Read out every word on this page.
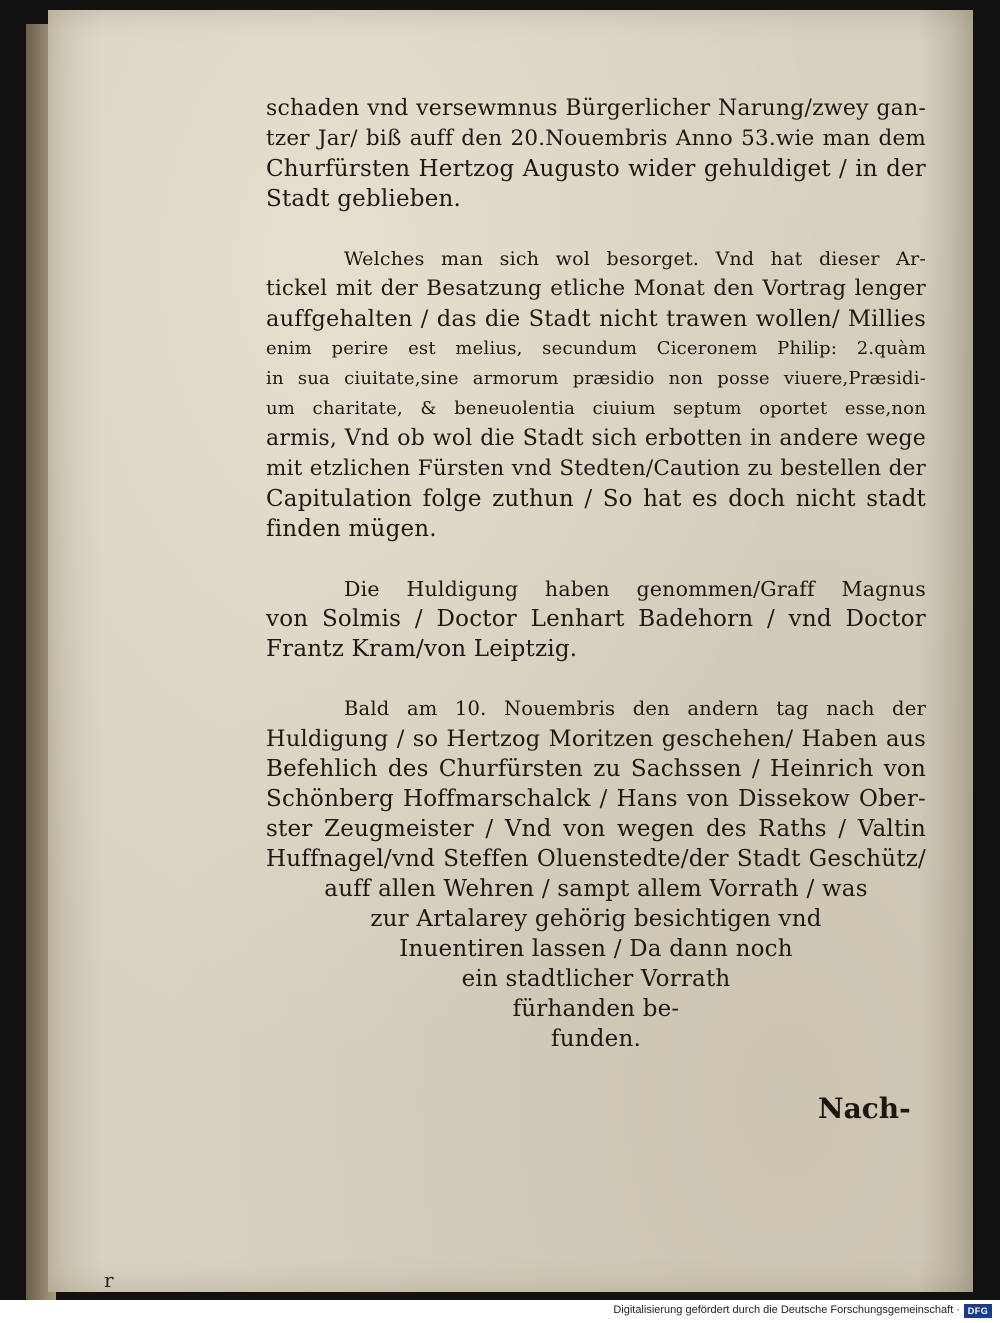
schaden vnd versewmnus Bürgerlicher Narung/zwey gan-
tzer Jar/ biß auff den 20.Nouembris Anno 53.wie man dem
Churfürsten Hertzog Augusto wider gehuldiget / in der
Stadt geblieben.
Welches man sich wol besorget. Vnd hat dieser Ar-
tickel mit der Besatzung etliche Monat den Vortrag lenger
auffgehalten / das die Stadt nicht trawen wollen/ Millies
enim perire est melius, secundum Ciceronem Philip: 2.quàm
in sua ciuitate,sine armorum præsidio non posse viuere,Præsidi-
um charitate, & beneuolentia ciuium septum oportet esse,non
armis, Vnd ob wol die Stadt sich erbotten in andere wege
mit etzlichen Fürsten vnd Stedten/Caution zu bestellen der
Capitulation folge zuthun / So hat es doch nicht stadt
finden mügen.
Die Huldigung haben genommen/Graff Magnus
von Solmis / Doctor Lenhart Badehorn / vnd Doctor
Frantz Kram/von Leiptzig.
Bald am 10. Nouembris den andern tag nach der
Huldigung / so Hertzog Moritzen geschehen/ Haben aus
Befehlich des Churfürsten zu Sachssen / Heinrich von
Schönberg Hoffmarschalck / Hans von Dissekow Ober-
ster Zeugmeister / Vnd von wegen des Raths / Valtin
Huffnagel/vnd Steffen Oluenstedte/der Stadt Geschütz/
auff allen Wehren / sampt allem Vorrath / was
zur Artalarey gehörig besichtigen vnd
Inuentiren lassen / Da dann noch
ein stadtlicher Vorrath
fürhanden be-
funden.
Nach-
r
Digitalisierung gefördert durch die Deutsche Forschungsgemeinschaft · DFG
